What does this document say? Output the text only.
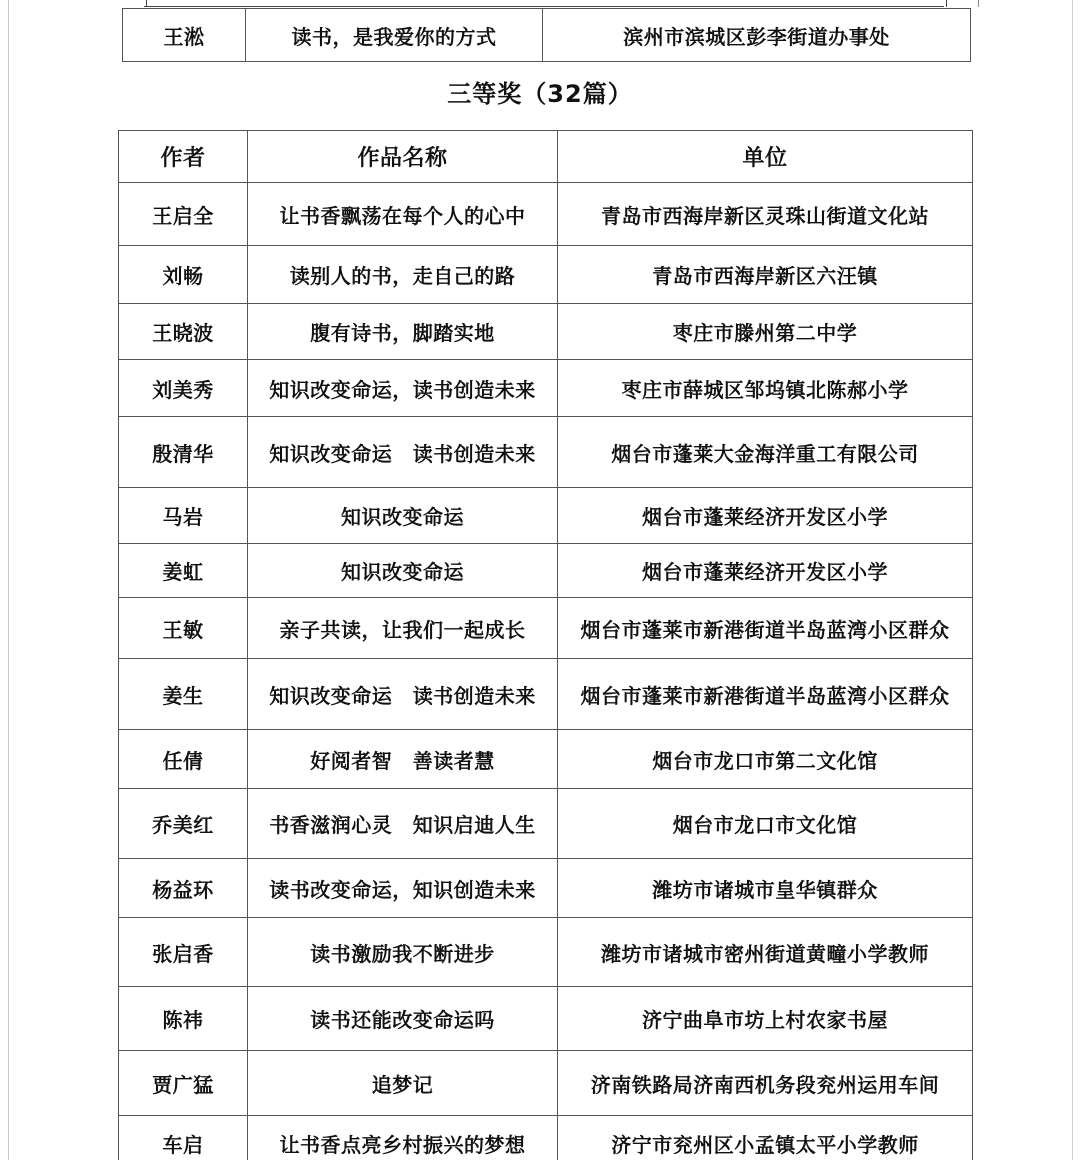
王淞	读书，是我爱你的方式	滨州市滨城区彭李街道办事处
三等奖（32篇）
作者	作品名称	单位
王启全	让书香飘荡在每个人的心中	青岛市西海岸新区灵珠山街道文化站
刘畅	读别人的书，走自己的路	青岛市西海岸新区六汪镇
王晓波	腹有诗书，脚踏实地	枣庄市滕州第二中学
刘美秀	知识改变命运，读书创造未来	枣庄市薛城区邹坞镇北陈郝小学
殷清华	知识改变命运　读书创造未来	烟台市蓬莱大金海洋重工有限公司
马岩	知识改变命运	烟台市蓬莱经济开发区小学
姜虹	知识改变命运	烟台市蓬莱经济开发区小学
王敏	亲子共读，让我们一起成长	烟台市蓬莱市新港街道半岛蓝湾小区群众
姜生	知识改变命运　读书创造未来	烟台市蓬莱市新港街道半岛蓝湾小区群众
任倩	好阅者智　善读者慧	烟台市龙口市第二文化馆
乔美红	书香滋润心灵　知识启迪人生	烟台市龙口市文化馆
杨益环	读书改变命运，知识创造未来	潍坊市诸城市皇华镇群众
张启香	读书激励我不断进步	潍坊市诸城市密州街道黄疃小学教师
陈祎	读书还能改变命运吗	济宁曲阜市坊上村农家书屋
贾广猛	追梦记	济南铁路局济南西机务段兖州运用车间
车启	让书香点亮乡村振兴的梦想	济宁市兖州区小孟镇太平小学教师
